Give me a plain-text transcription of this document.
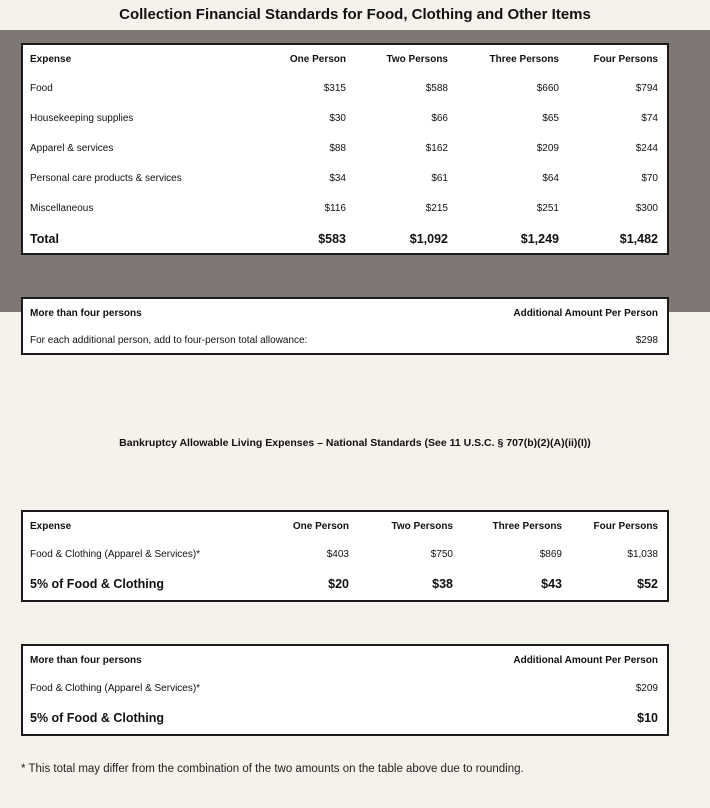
Collection Financial Standards for Food, Clothing and Other Items
Expense	One Person	Two Persons	Three Persons	Four Persons
Food	$315	$588	$660	$794
Housekeeping supplies	$30	$66	$65	$74
Apparel & services	$88	$162	$209	$244
Personal care products & services	$34	$61	$64	$70
Miscellaneous	$116	$215	$251	$300
Total	$583	$1,092	$1,249	$1,482
More than four persons	Additional Amount Per Person
For each additional person, add to four-person total allowance:	$298
Bankruptcy Allowable Living Expenses – National Standards (See 11 U.S.C. § 707(b)(2)(A)(ii)(I))
Expense	One Person	Two Persons	Three Persons	Four Persons
Food & Clothing (Apparel & Services)*	$403	$750	$869	$1,038
5% of Food & Clothing	$20	$38	$43	$52
More than four persons	Additional Amount Per Person
Food & Clothing (Apparel & Services)*	$209
5% of Food & Clothing	$10
* This total may differ from the combination of the two amounts on the table above due to rounding.
